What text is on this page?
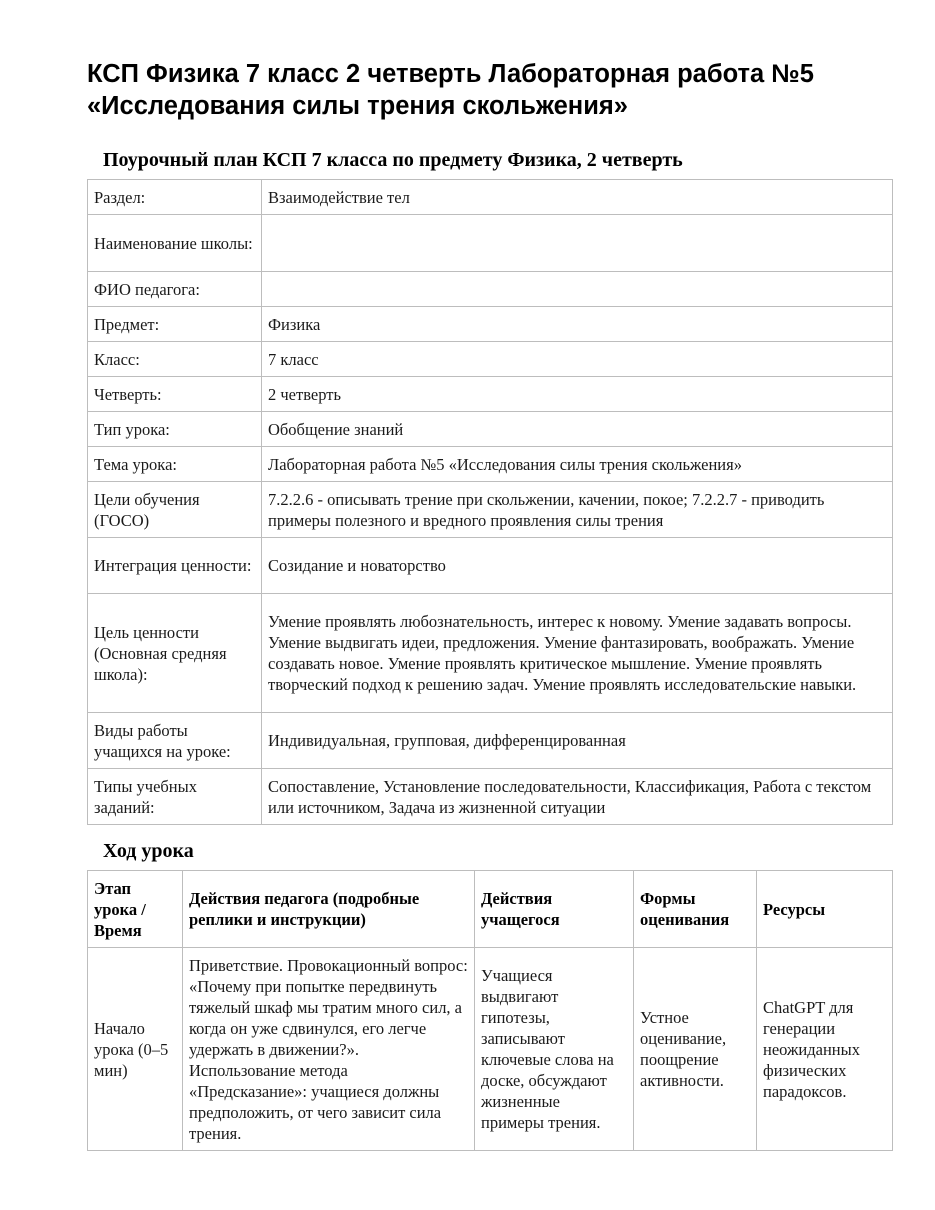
КСП Физика 7 класс 2 четверть Лабораторная работа №5 «Исследования силы трения скольжения»
Поурочный план КСП 7 класса по предмету Физика, 2 четверть
Раздел:	Взаимодействие тел
Наименование школы:	
ФИО педагога:	
Предмет:	Физика
Класс:	7 класс
Четверть:	2 четверть
Тип урока:	Обобщение знаний
Тема урока:	Лабораторная работа №5 «Исследования силы трения скольжения»
Цели обучения (ГОСО)	7.2.2.6 - описывать трение при скольжении, качении, покое; 7.2.2.7 - приводить примеры полезного и вредного проявления силы трения
Интеграция ценности:	Созидание и новаторство
Цель ценности (Основная средняя школа):	Умение проявлять любознательность, интерес к новому. Умение задавать вопросы. Умение выдвигать идеи, предложения. Умение фантазировать, воображать. Умение создавать новое. Умение проявлять критическое мышление. Умение проявлять творческий подход к решению задач. Умение проявлять исследовательские навыки.
Виды работы учащихся на уроке:	Индивидуальная, групповая, дифференцированная
Типы учебных заданий:	Сопоставление, Установление последовательности, Классификация, Работа с текстом или источником, Задача из жизненной ситуации
Ход урока
Этап урока / Время	Действия педагога (подробные реплики и инструкции)	Действия учащегося	Формы оценивания	Ресурсы
Начало урока (0–5 мин)	Приветствие. Провокационный вопрос: «Почему при попытке передвинуть тяжелый шкаф мы тратим много сил, а когда он уже сдвинулся, его легче удержать в движении?». Использование метода «Предсказание»: учащиеся должны предположить, от чего зависит сила трения.	Учащиеся выдвигают гипотезы, записывают ключевые слова на доске, обсуждают жизненные примеры трения.	Устное оценивание, поощрение активности.	ChatGPT для генерации неожиданных физических парадоксов.
